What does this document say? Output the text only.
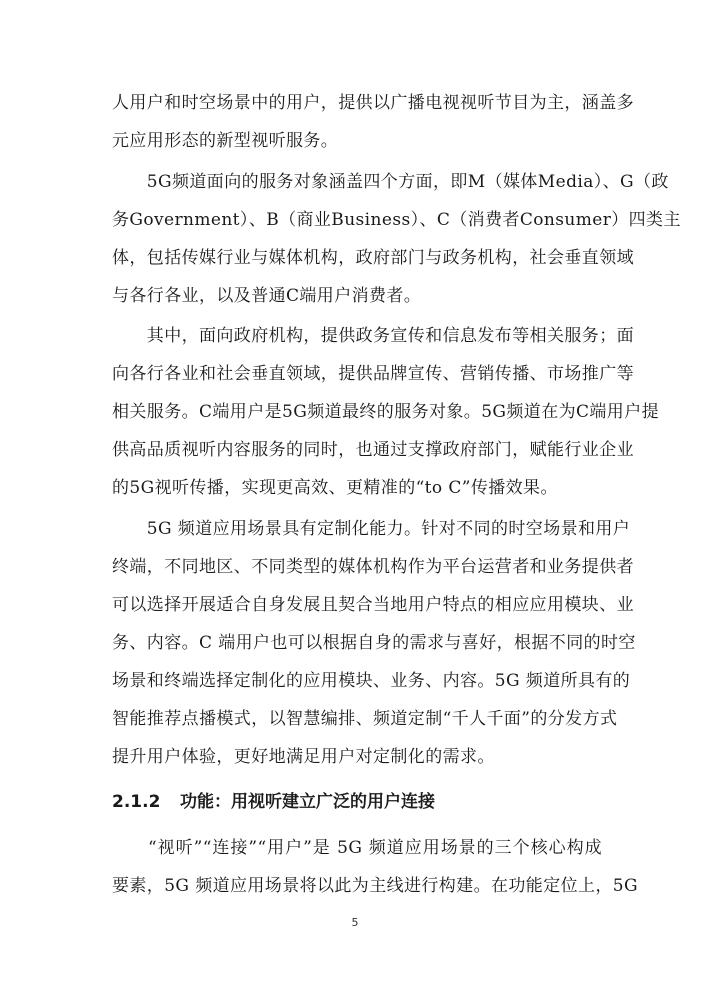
人用户和时空场景中的用户，提供以广播电视视听节目为主，涵盖多
元应用形态的新型视听服务。
　　5G频道面向的服务对象涵盖四个方面，即M（媒体Media）、G（政
务Government）、B（商业Business）、C（消费者Consumer）四类主
体，包括传媒行业与媒体机构，政府部门与政务机构，社会垂直领域
与各行各业，以及普通C端用户消费者。
　　其中，面向政府机构，提供政务宣传和信息发布等相关服务；面
向各行各业和社会垂直领域，提供品牌宣传、营销传播、市场推广等
相关服务。C端用户是5G频道最终的服务对象。5G频道在为C端用户提
供高品质视听内容服务的同时，也通过支撑政府部门，赋能行业企业
的5G视听传播，实现更高效、更精准的“to C”传播效果。
　　5G 频道应用场景具有定制化能力。针对不同的时空场景和用户
终端，不同地区、不同类型的媒体机构作为平台运营者和业务提供者
可以选择开展适合自身发展且契合当地用户特点的相应应用模块、业
务、内容。C 端用户也可以根据自身的需求与喜好，根据不同的时空
场景和终端选择定制化的应用模块、业务、内容。5G 频道所具有的
智能推荐点播模式，以智慧编排、频道定制“千人千面”的分发方式
提升用户体验，更好地满足用户对定制化的需求。
2.1.2 功能：用视听建立广泛的用户连接
　　“视听”“连接”“用户”是 5G 频道应用场景的三个核心构成
要素，5G 频道应用场景将以此为主线进行构建。在功能定位上，5G
5
